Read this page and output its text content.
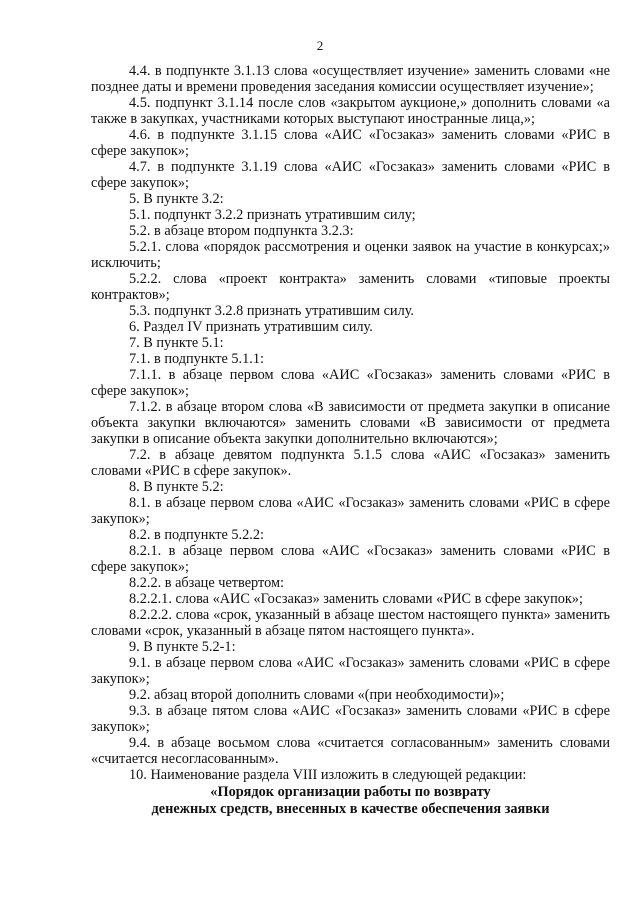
2

4.4. в подпункте 3.1.13 слова «осуществляет изучение» заменить словами «не позднее даты и времени проведения заседания комиссии осуществляет изучение»;

4.5. подпункт 3.1.14 после слов «закрытом аукционе,» дополнить словами «а также в закупках, участниками которых выступают иностранные лица,»;

4.6. в подпункте 3.1.15 слова «АИС «Госзаказ» заменить словами «РИС в сфере закупок»;

4.7. в подпункте 3.1.19 слова «АИС «Госзаказ» заменить словами «РИС в сфере закупок»;

5. В пункте 3.2:

5.1. подпункт 3.2.2 признать утратившим силу;

5.2. в абзаце втором подпункта 3.2.3:

5.2.1. слова «порядок рассмотрения и оценки заявок на участие в конкурсах;» исключить;

5.2.2. слова «проект контракта» заменить словами «типовые проекты контрактов»;

5.3. подпункт 3.2.8 признать утратившим силу.

6. Раздел IV признать утратившим силу.

7. В пункте 5.1:

7.1. в подпункте 5.1.1:

7.1.1. в абзаце первом слова «АИС «Госзаказ» заменить словами «РИС в сфере закупок»;

7.1.2. в абзаце втором слова «В зависимости от предмета закупки в описание объекта закупки включаются» заменить словами «В зависимости от предмета закупки в описание объекта закупки дополнительно включаются»;

7.2. в абзаце девятом подпункта 5.1.5 слова «АИС «Госзаказ» заменить словами «РИС в сфере закупок».

8. В пункте 5.2:

8.1. в абзаце первом слова «АИС «Госзаказ» заменить словами «РИС в сфере закупок»;

8.2. в подпункте 5.2.2:

8.2.1. в абзаце первом слова «АИС «Госзаказ» заменить словами «РИС в сфере закупок»;

8.2.2. в абзаце четвертом:

8.2.2.1. слова «АИС «Госзаказ» заменить словами «РИС в сфере закупок»;

8.2.2.2. слова «срок, указанный в абзаце шестом настоящего пункта» заменить словами «срок, указанный в абзаце пятом настоящего пункта».

9. В пункте 5.2-1:

9.1. в абзаце первом слова «АИС «Госзаказ» заменить словами «РИС в сфере закупок»;

9.2. абзац второй дополнить словами «(при необходимости)»;

9.3. в абзаце пятом слова «АИС «Госзаказ» заменить словами «РИС в сфере закупок»;

9.4. в абзаце восьмом слова «считается согласованным» заменить словами «считается несогласованным».

10. Наименование раздела VIII изложить в следующей редакции:

«Порядок организации работы по возврату

денежных средств, внесенных в качестве обеспечения заявки
